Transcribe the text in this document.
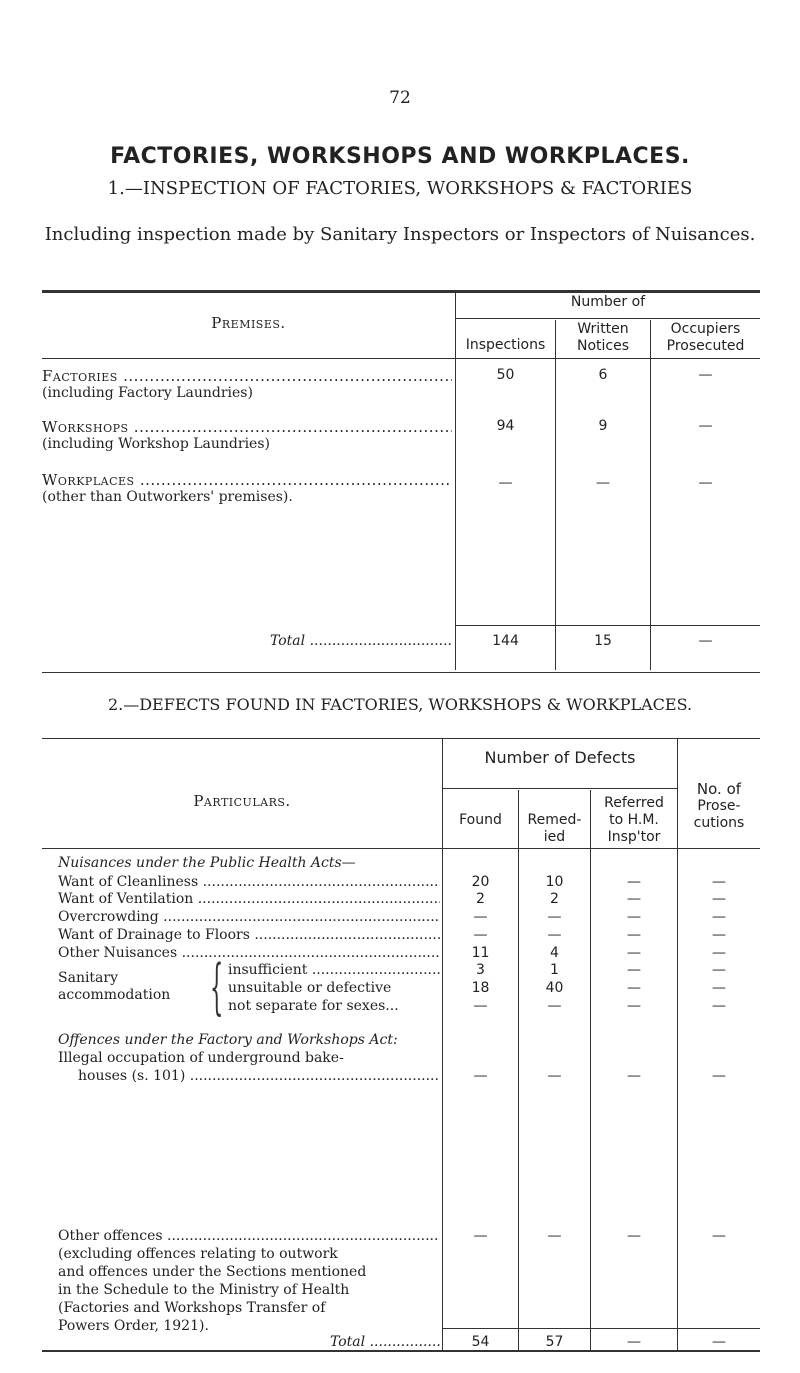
72
FACTORIES, WORKSHOPS AND WORKPLACES.
1.—INSPECTION OF FACTORIES, WORKSHOPS & FACTORIES
Including inspection made by Sanitary Inspectors or Inspectors of Nuisances.
Premises.
Number of
Inspections
Written
Notices
Occupiers
Prosecuted
Factories .....
(including Factory Laundries)
50	6	—
Workshops .....
(including Workshop Laundries)
94	9	—
Workplaces .....
(other than Outworkers' premises).
—	—	—
Total .....	144	15	—
2.—DEFECTS FOUND IN FACTORIES, WORKSHOPS & WORKPLACES.
Particulars.
Number of Defects
Found	Remed-
ied
Referred
to H.M.
Insp'tor
No. of
Prose-
cutions
Nuisances under the Public Health Acts—
Want of Cleanliness .....	20	10	—	—
Want of Ventilation .....	2	2	—	—
Overcrowding .....	—	—	—	—
Want of Drainage to Floors .....	—	—	—	—
Other Nuisances .....	11	4	—	—
Sanitary
accommodation { insufficient .....	3	1	—	—
unsuitable or defective	18	40	—	—
not separate for sexes...	—	—	—	—
Offences under the Factory and Workshops Act:
Illegal occupation of underground bake-
houses (s. 101) .....	—	—	—	—
Other offences .....	—	—	—	—
(excluding offences relating to outwork
and offences under the Sections mentioned
in the Schedule to the Ministry of Health
(Factories and Workshops Transfer of
Powers Order, 1921).
Total .....	54	57	—	—
